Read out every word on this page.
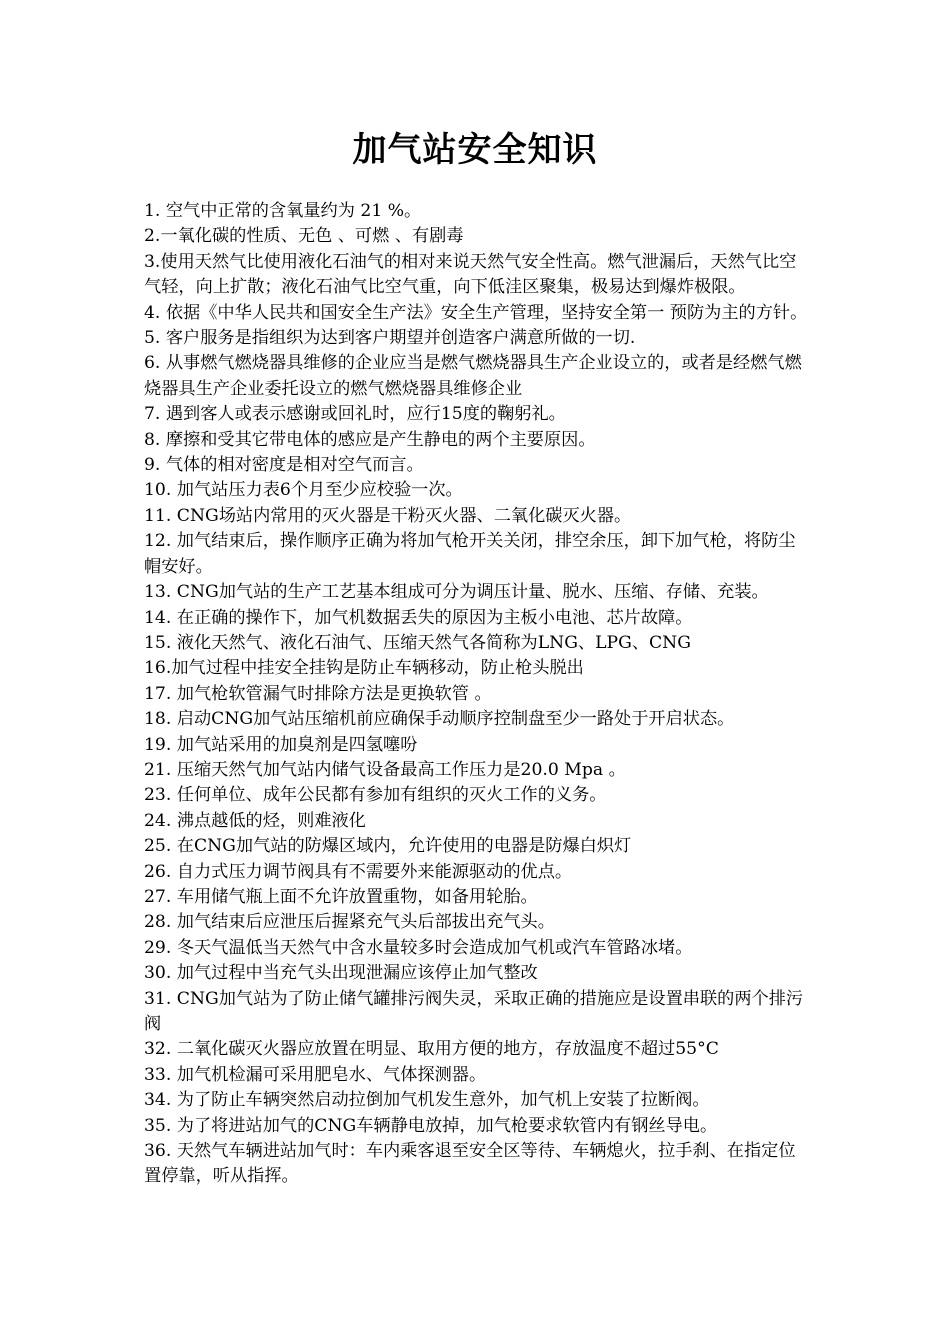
加气站安全知识

1. 空气中正常的含氧量约为 21 %。

2.一氧化碳的性质、无色 、可燃 、有剧毒

3.使用天然气比使用液化石油气的相对来说天然气安全性高。燃气泄漏后，天然气比空气轻，向上扩散；液化石油气比空气重，向下低洼区聚集，极易达到爆炸极限。

4. 依据《中华人民共和国安全生产法》安全生产管理，坚持安全第一 预防为主的方针。

5. 客户服务是指组织为达到客户期望并创造客户满意所做的一切.

6. 从事燃气燃烧器具维修的企业应当是燃气燃烧器具生产企业设立的，或者是经燃气燃烧器具生产企业委托设立的燃气燃烧器具维修企业

7. 遇到客人或表示感谢或回礼时，应行15度的鞠躬礼。

8. 摩擦和受其它带电体的感应是产生静电的两个主要原因。

9. 气体的相对密度是相对空气而言。

10. 加气站压力表6个月至少应校验一次。

11. CNG场站内常用的灭火器是干粉灭火器、二氧化碳灭火器。

12. 加气结束后，操作顺序正确为将加气枪开关关闭，排空余压，卸下加气枪，将防尘帽安好。

13. CNG加气站的生产工艺基本组成可分为调压计量、脱水、压缩、存储、充装。

14. 在正确的操作下，加气机数据丢失的原因为主板小电池、芯片故障。

15. 液化天然气、液化石油气、压缩天然气各简称为LNG、LPG、CNG

16.加气过程中挂安全挂钩是防止车辆移动，防止枪头脱出

17. 加气枪软管漏气时排除方法是更换软管 。

18. 启动CNG加气站压缩机前应确保手动顺序控制盘至少一路处于开启状态。

19. 加气站采用的加臭剂是四氢噻吩

21. 压缩天然气加气站内储气设备最高工作压力是20.0 Mpa 。

23. 任何单位、成年公民都有参加有组织的灭火工作的义务。

24. 沸点越低的烃，则难液化

25. 在CNG加气站的防爆区域内，允许使用的电器是防爆白炽灯

26. 自力式压力调节阀具有不需要外来能源驱动的优点。

27. 车用储气瓶上面不允许放置重物，如备用轮胎。

28. 加气结束后应泄压后握紧充气头后部拔出充气头。

29. 冬天气温低当天然气中含水量较多时会造成加气机或汽车管路冰堵。

30. 加气过程中当充气头出现泄漏应该停止加气整改

31. CNG加气站为了防止储气罐排污阀失灵，采取正确的措施应是设置串联的两个排污阀

32. 二氧化碳灭火器应放置在明显、取用方便的地方，存放温度不超过55°C

33. 加气机检漏可采用肥皂水、气体探测器。

34. 为了防止车辆突然启动拉倒加气机发生意外，加气机上安装了拉断阀。

35. 为了将进站加气的CNG车辆静电放掉，加气枪要求软管内有钢丝导电。

36. 天然气车辆进站加气时：车内乘客退至安全区等待、车辆熄火，拉手刹、在指定位置停靠，听从指挥。
